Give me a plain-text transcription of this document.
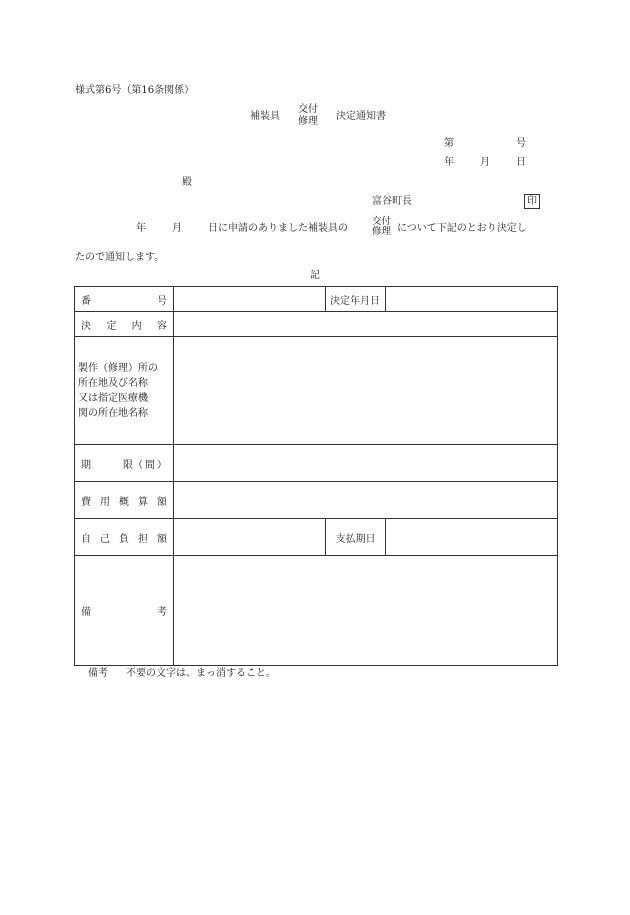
様式第6号（第16条関係）
補装具
交付
修理 決定通知書
第	号
年	月	日
殿
富谷町長	印
年	月	日に申請のありました補装具の
交付
修理 について下記のとおり決定し
たので通知します。
記
番 号		決定年月日	

決 定 内 容			

製作（修理）所の
所在地及び名称
又は指定医療機
関の所在地名称			

期 限（ 間 ）			

費 用 概 算 額			

自 己 負 担 額		支払期日	

備 考			

備考 不要の文字は、まっ消すること。
